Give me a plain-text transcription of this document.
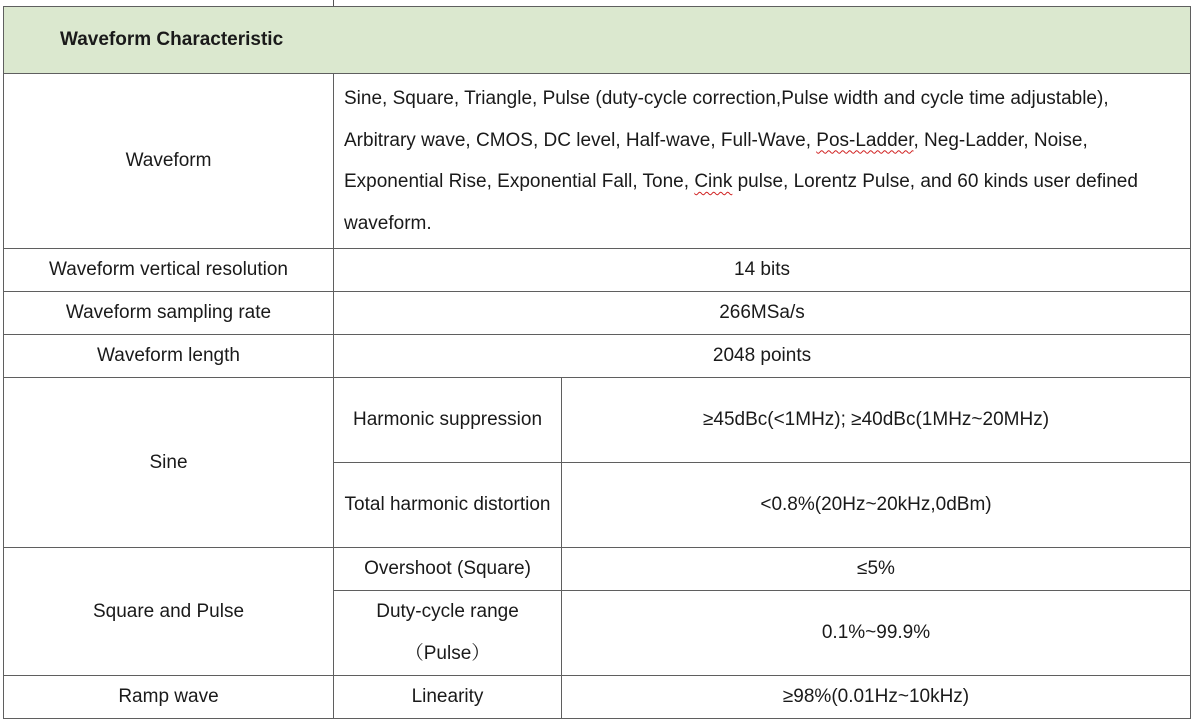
Waveform Characteristic		
Waveform	Sine, Square, Triangle, Pulse (duty-cycle correction,Pulse width and cycle time adjustable), Arbitrary wave, CMOS, DC level, Half-wave, Full-Wave, Pos-Ladder, Neg-Ladder, Noise, Exponential Rise, Exponential Fall, Tone, Cink pulse, Lorentz Pulse, and 60 kinds user defined waveform.	
Waveform vertical resolution	14 bits	
Waveform sampling rate	266MSa/s	
Waveform length	2048 points	
Sine	Harmonic suppression	≥45dBc(<1MHz); ≥40dBc(1MHz~20MHz)
	Total harmonic distortion	<0.8%(20Hz~20kHz,0dBm)
Square and Pulse	Overshoot (Square)	≤5%
	Duty-cycle range （Pulse）	0.1%~99.9%
Ramp wave	Linearity	≥98%(0.01Hz~10kHz)
